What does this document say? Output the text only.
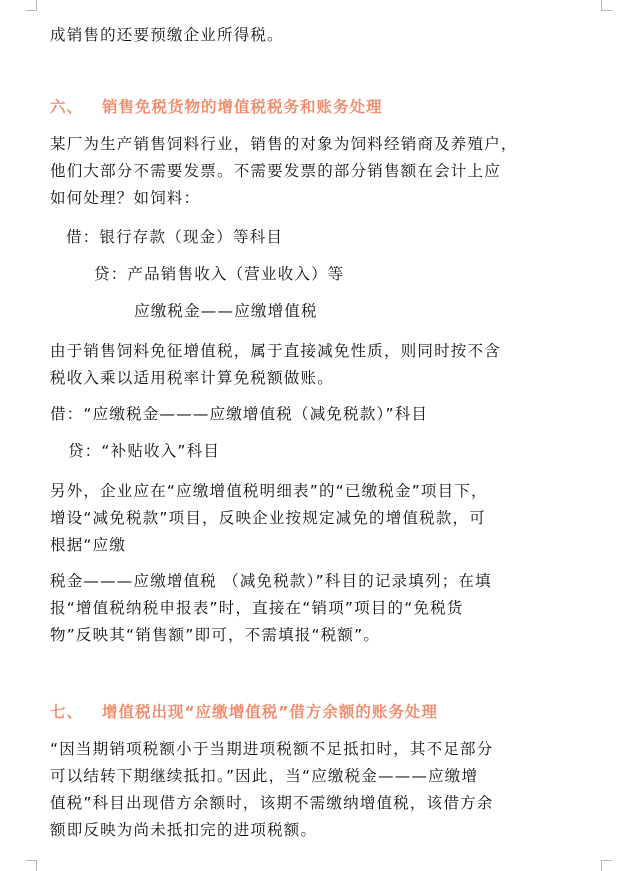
成销售的还要预缴企业所得税。
六、 销售免税货物的增值税税务和账务处理
某厂为生产销售饲料行业，销售的对象为饲料经销商及养殖户，
他们大部分不需要发票。不需要发票的部分销售额在会计上应
如何处理？如饲料：
借：银行存款（现金）等科目
贷：产品销售收入（营业收入）等
应缴税金——应缴增值税
由于销售饲料免征增值税，属于直接减免性质，则同时按不含
税收入乘以适用税率计算免税额做账。
借：“应缴税金———应缴增值税（减免税款）”科目
贷：“补贴收入”科目
另外，企业应在“应缴增值税明细表”的“已缴税金”项目下，
增设“减免税款”项目，反映企业按规定减免的增值税款，可
根据“应缴
税金———应缴增值税 （减免税款）”科目的记录填列；在填
报“增值税纳税申报表”时，直接在“销项”项目的“免税货
物”反映其“销售额”即可，不需填报“税额”。
七、 增值税出现“应缴增值税”借方余额的账务处理
“因当期销项税额小于当期进项税额不足抵扣时，其不足部分
可以结转下期继续抵扣。”因此，当“应缴税金———应缴增
值税”科目出现借方余额时，该期不需缴纳增值税，该借方余
额即反映为尚未抵扣完的进项税额。
